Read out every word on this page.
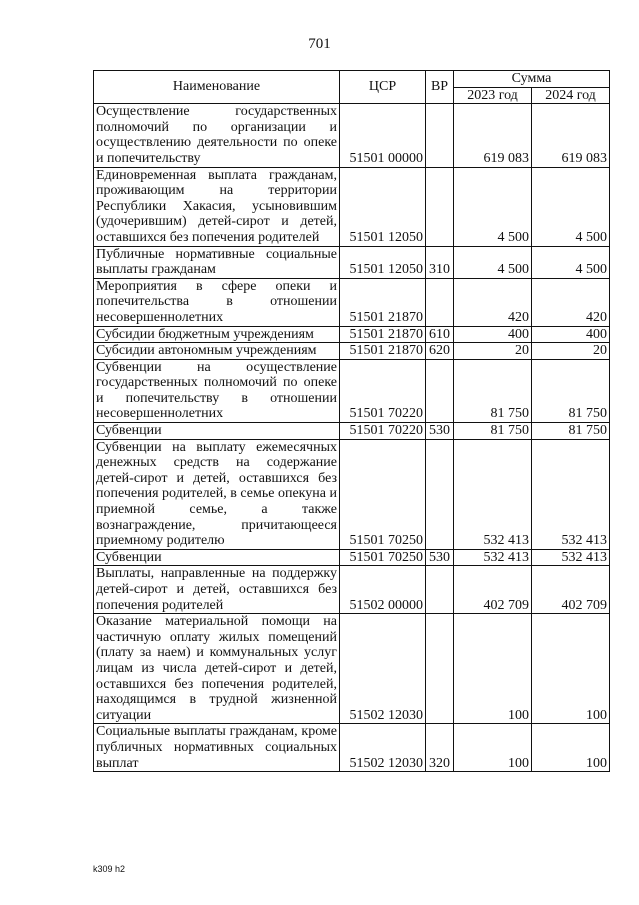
701
Наименование	ЦСР	ВР	Сумма	
			2023 год	2024 год
Осуществление государственных полномочий по организации и осуществлению деятельности по опеке и попечительству	51501 00000		619 083	619 083
Единовременная выплата гражданам, проживающим на территории Республики Хакасия, усыновившим (удочерившим) детей-сирот и детей, оставшихся без попечения родителей	51501 12050		4 500	4 500
Публичные нормативные социальные выплаты гражданам	51501 12050	310	4 500	4 500
Мероприятия в сфере опеки и попечительства в отношении несовершеннолетних	51501 21870		420	420
Субсидии бюджетным учреждениям	51501 21870	610	400	400
Субсидии автономным учреждениям	51501 21870	620	20	20
Субвенции на осуществление государственных полномочий по опеке и попечительству в отношении несовершеннолетних	51501 70220		81 750	81 750
Субвенции	51501 70220	530	81 750	81 750
Субвенции на выплату ежемесячных денежных средств на содержание детей-сирот и детей, оставшихся без попечения родителей, в семье опекуна и приемной семье, а также вознаграждение, причитающееся приемному родителю	51501 70250		532 413	532 413
Субвенции	51501 70250	530	532 413	532 413
Выплаты, направленные на поддержку детей-сирот и детей, оставшихся без попечения родителей	51502 00000		402 709	402 709
Оказание материальной помощи на частичную оплату жилых помещений (плату за наем) и коммунальных услуг лицам из числа детей-сирот и детей, оставшихся без попечения родителей, находящимся в трудной жизненной ситуации	51502 12030		100	100
Социальные выплаты гражданам, кроме публичных нормативных социальных выплат	51502 12030	320	100	100
k309 h2
